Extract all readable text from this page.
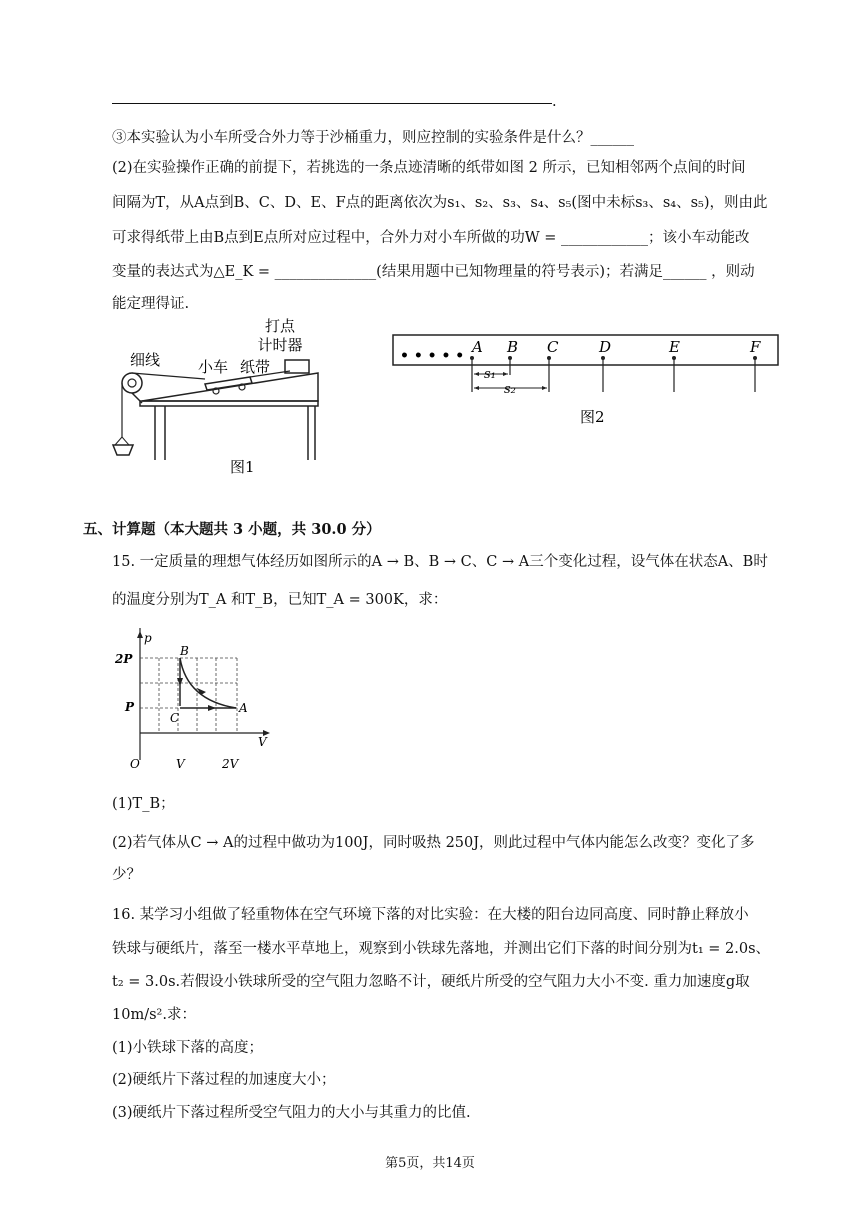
.
③本实验认为小车所受合外力等于沙桶重力，则应控制的实验条件是什么？______
(2)在实验操作正确的前提下，若挑选的一条点迹清晰的纸带如图 2 所示，已知相邻两个点间的时间
间隔为T，从A点到B、C、D、E、F点的距离依次为s₁、s₂、s₃、s₄、s₅(图中未标s₃、s₄、s₅)，则由此
可求得纸带上由B点到E点所对应过程中，合外力对小车所做的功W = ____________；该小车动能改
变量的表达式为△E_K = ______________(结果用题中已知物理量的符号表示)；若满足______ ，则动
能定理得证.
打点
计时器
细线	小车 纸带
图1
• • • • • A B C	D	E	F
s₁
s₂
图2
五、计算题（本大题共 3 小题，共 30.0 分）
15. 一定质量的理想气体经历如图所示的A → B、B → C、C → A三个变化过程，设气体在状态A、B时
的温度分别为T_A 和T_B，已知T_A = 300K，求：
p
2P
P
O	V	2V
V
B
C
A
(1)T_B；
(2)若气体从C → A的过程中做功为100J，同时吸热 250J，则此过程中气体内能怎么改变？变化了多
少？
16. 某学习小组做了轻重物体在空气环境下落的对比实验：在大楼的阳台边同高度、同时静止释放小
铁球与硬纸片，落至一楼水平草地上，观察到小铁球先落地，并测出它们下落的时间分别为t₁ = 2.0s、
t₂ = 3.0s.若假设小铁球所受的空气阻力忽略不计，硬纸片所受的空气阻力大小不变. 重力加速度g取
10m/s².求：
(1)小铁球下落的高度；
(2)硬纸片下落过程的加速度大小；
(3)硬纸片下落过程所受空气阻力的大小与其重力的比值.
第5页，共14页
